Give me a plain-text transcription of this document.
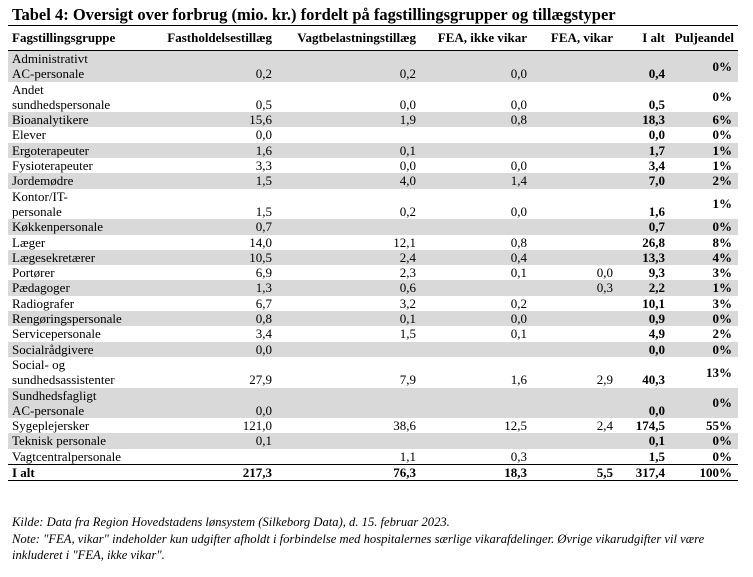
Tabel 4: Oversigt over forbrug (mio. kr.) fordelt på fagstillingsgrupper og tillægstyper
Fagstillingsgruppe	Fastholdelsestillæg	Vagtbelastningstillæg	FEA, ikke vikar	FEA, vikar	I alt	Puljeandel

Administrativt
AC-personale	0,2	0,2	0,0		0,4	0%

Andet
sundhedspersonale	0,5	0,0	0,0		0,5	0%

Bioanalytikere	15,6	1,9	0,8		18,3	6%

Elever	0,0				0,0	0%

Ergoterapeuter	1,6	0,1			1,7	1%

Fysioterapeuter	3,3	0,0	0,0		3,4	1%

Jordemødre	1,5	4,0	1,4		7,0	2%

Kontor/IT-
personale	1,5	0,2	0,0		1,6	1%

Køkkenpersonale	0,7				0,7	0%

Læger	14,0	12,1	0,8		26,8	8%

Lægesekretærer	10,5	2,4	0,4		13,3	4%

Portører	6,9	2,3	0,1	0,0	9,3	3%

Pædagoger	1,3	0,6		0,3	2,2	1%

Radiografer	6,7	3,2	0,2		10,1	3%

Rengøringspersonale	0,8	0,1	0,0		0,9	0%

Servicepersonale	3,4	1,5	0,1		4,9	2%

Socialrådgivere	0,0				0,0	0%

Social- og
sundhedsassistenter	27,9	7,9	1,6	2,9	40,3	13%

Sundhedsfagligt
AC-personale	0,0				0,0	0%

Sygeplejersker	121,0	38,6	12,5	2,4	174,5	55%

Teknisk personale	0,1				0,1	0%

Vagtcentralpersonale		1,1	0,3		1,5	0%
I alt	217,3	76,3	18,3	5,5	317,4	100%
Kilde: Data fra Region Hovedstadens lønsystem (Silkeborg Data), d. 15. februar 2023.
Note: "FEA, vikar" indeholder kun udgifter afholdt i forbindelse med hospitalernes særlige vikarafdelinger. Øvrige vikarudgifter vil være inkluderet i "FEA, ikke vikar".
